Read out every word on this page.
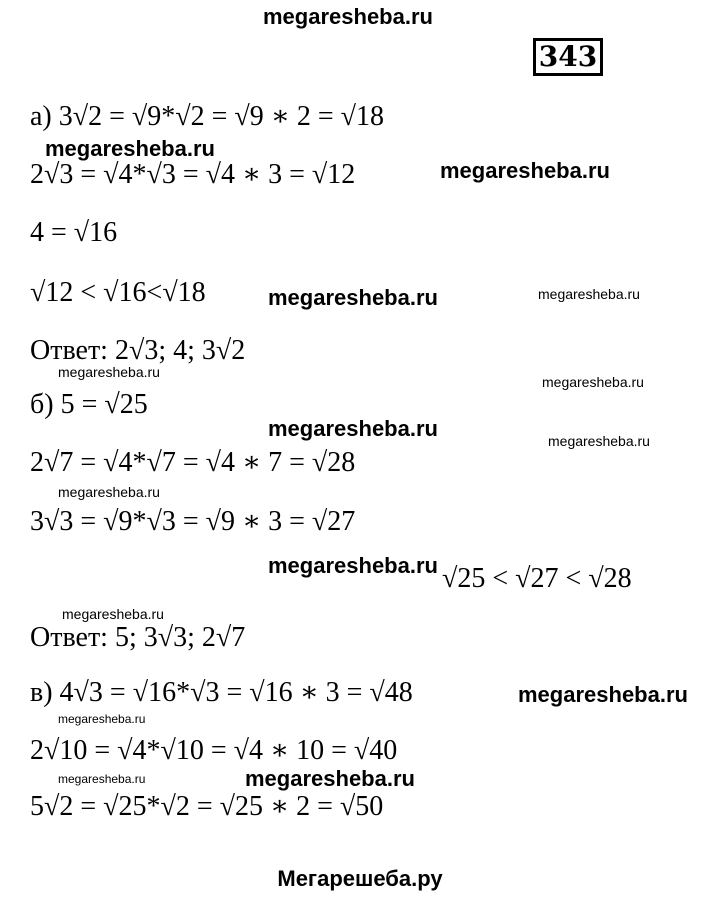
megaresheba.ru
343
а) 3√2 = √9*√2 = √9 ∗ 2 = √18
megaresheba.ru
2√3 = √4*√3 = √4 ∗ 3 = √12	megaresheba.ru
4 = √16
√12 < √16<√18	megaresheba.ru	megaresheba.ru
Ответ: 2√3; 4; 3√2
megaresheba.ru
megaresheba.ru
б) 5 = √25
megaresheba.ru
2√7 = √4*√7 = √4 ∗ 7 = √28
megaresheba.ru
megaresheba.ru
3√3 = √9*√3 = √9 ∗ 3 = √27
megaresheba.ru √25 < √27 < √28
megaresheba.ru
Ответ: 5; 3√3; 2√7
в) 4√3 = √16*√3 = √16 ∗ 3 = √48	megaresheba.ru
megaresheba.ru
2√10 = √4*√10 = √4 ∗ 10 = √40
megaresheba.ru	megaresheba.ru
5√2 = √25*√2 = √25 ∗ 2 = √50
Мегарешеба.ру
